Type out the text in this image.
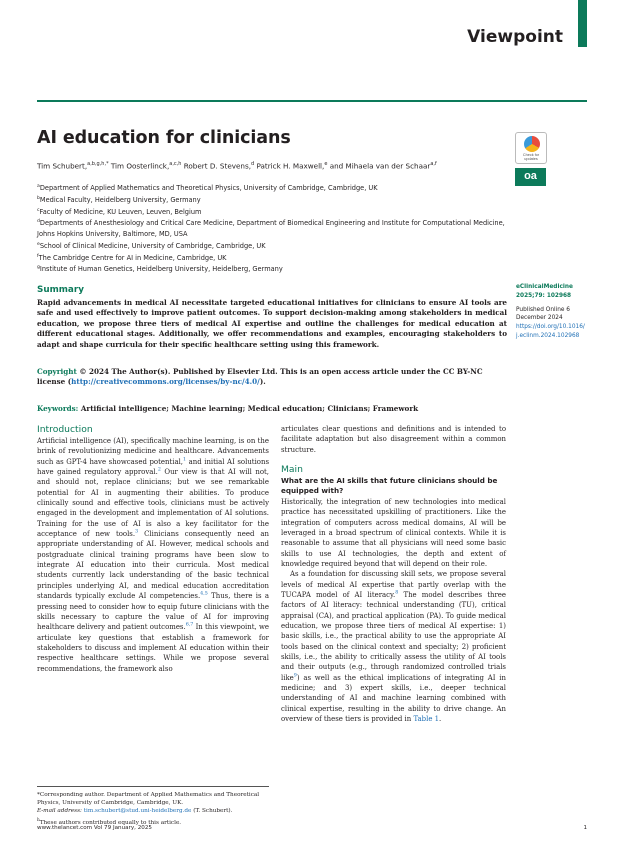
Viewpoint
AI education for clinicians
Check for updates
oa
Tim Schubert,$^{a,b,g,h,*}$ Tim Oosterlinck,$^{a,c,h}$ Robert D. Stevens,$^d$ Patrick H. Maxwell,$^e$ and Mihaela van der Schaar$^{a,f}$
$^a$Department of Applied Mathematics and Theoretical Physics, University of Cambridge, Cambridge, UK
$^b$Medical Faculty, Heidelberg University, Germany
$^c$Faculty of Medicine, KU Leuven, Leuven, Belgium
$^d$Departments of Anesthesiology and Critical Care Medicine, Department of Biomedical Engineering and Institute for Computational Medicine, Johns Hopkins University, Baltimore, MD, USA
$^e$School of Clinical Medicine, University of Cambridge, Cambridge, UK
$^f$The Cambridge Centre for AI in Medicine, Cambridge, UK
$^g$Institute of Human Genetics, Heidelberg University, Heidelberg, Germany
Summary
Rapid advancements in medical AI necessitate targeted educational initiatives for clinicians to ensure AI tools are safe and used effectively to improve patient outcomes. To support decision-making among stakeholders in medical education, we propose three tiers of medical AI expertise and outline the challenges for medical education at different educational stages. Additionally, we offer recommendations and examples, encouraging stakeholders to adapt and shape curricula for their specific healthcare setting using this framework.
eClinicalMedicine
2025;79: 102968
Published Online 6 December 2024
https://doi.org/10.1016/j.eclinm.2024.102968
Copyright © 2024 The Author(s). Published by Elsevier Ltd. This is an open access article under the CC BY-NC license (http://creativecommons.org/licenses/by-nc/4.0/).
Keywords: Artificial intelligence; Machine learning; Medical education; Clinicians; Framework
Introduction

Artificial intelligence (AI), specifically machine learning, is on the brink of revolutionizing medicine and healthcare. Advancements such as GPT-4 have showcased potential,$^1$ and initial AI solutions have gained regulatory approval.$^2$ Our view is that AI will not, and should not, replace clinicians; but we see remarkable potential for AI in augmenting their abilities. To produce clinically sound and effective tools, clinicians must be actively engaged in the development and implementation of AI solutions. Training for the use of AI is also a key facilitator for the acceptance of new tools.$^3$ Clinicians consequently need an appropriate understanding of AI. However, medical schools and postgraduate clinical training programs have been slow to integrate AI education into their curricula. Most medical students currently lack understanding of the basic technical principles underlying AI, and medical education accreditation standards typically exclude AI competencies.$^{4,5}$ Thus, there is a pressing need to consider how to equip future clinicians with the skills necessary to capture the value of AI for improving healthcare delivery and patient outcomes.$^{6,7}$ In this viewpoint, we articulate key questions that establish a framework for stakeholders to discuss and implement AI education within their respective healthcare settings. While we propose several recommendations, the framework also

articulates clear questions and definitions and is intended to facilitate adaptation but also disagreement within a common structure.

Main
What are the AI skills that future clinicians should be equipped with?

Historically, the integration of new technologies into medical practice has necessitated upskilling of practitioners. Like the integration of computers across medical domains, AI will be leveraged in a broad spectrum of clinical contexts. While it is reasonable to assume that all physicians will need some basic skills to use AI technologies, the depth and extent of knowledge required beyond that will depend on their role.

As a foundation for discussing skill sets, we propose several levels of medical AI expertise that partly overlap with the TUCAPA model of AI literacy.$^8$ The model describes three factors of AI literacy: technical understanding (TU), critical appraisal (CA), and practical application (PA). To guide medical education, we propose three tiers of medical AI expertise: 1) basic skills, i.e., the practical ability to use the appropriate AI tools based on the clinical context and specialty; 2) proficient skills, i.e., the ability to critically assess the utility of AI tools and their outputs (e.g., through randomized controlled trials like$^9$) as well as the ethical implications of integrating AI in medicine; and 3) expert skills, i.e., deeper technical understanding of AI and machine learning combined with clinical expertise, resulting in the ability to drive change. An overview of these tiers is provided in Table 1.

*Corresponding author. Department of Applied Mathematics and Theoretical Physics, University of Cambridge, Cambridge, UK.
E-mail address: tim.schubert@stud.uni-heidelberg.de (T. Schubert).
$^h$These authors contributed equally to this article.
www.thelancet.com Vol 79 January, 2025	1
